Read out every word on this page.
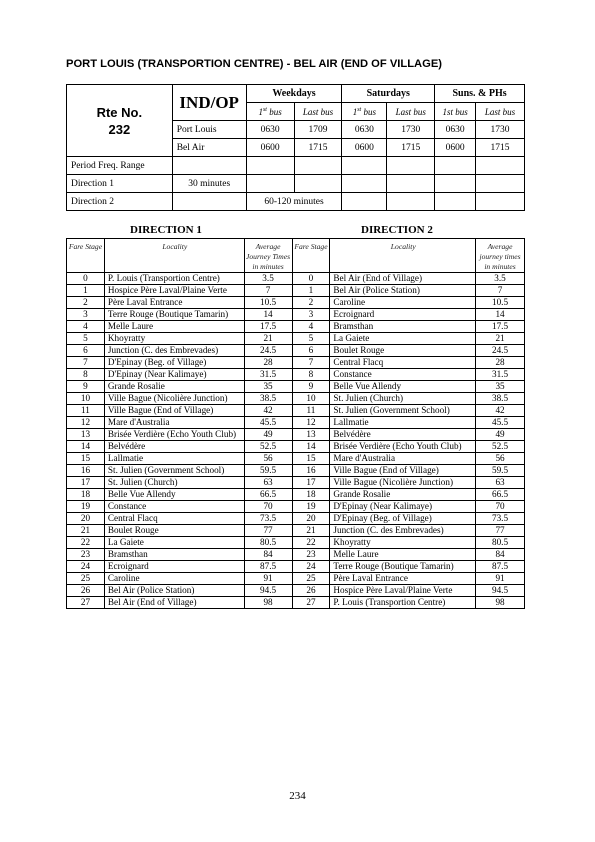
PORT LOUIS (TRANSPORTION CENTRE) - BEL AIR (END OF VILLAGE)
Rte No.
232	IND/OP	Weekdays		Saturdays		Suns. & PHs	
		1st bus	Last bus	1st bus	Last bus	1st bus	Last bus
	Port Louis	0630	1709	0630	1730	0630	1730
	Bel Air	0600	1715	0600	1715	0600	1715
Period Freq. Range							
Direction 1	30 minutes						
Direction 2		60-120 minutes					
DIRECTION 1	DIRECTION 2
Fare Stage	Locality	Average Journey Times in minutes	Fare Stage	Locality	Average journey times in minutes
0	P. Louis (Transportion Centre)	3.5	0	Bel Air (End of Village)	3.5
1	Hospice Père Laval/Plaine Verte	7	1	Bel Air (Police Station)	7
2	Père Laval Entrance	10.5	2	Caroline	10.5
3	Terre Rouge (Boutique Tamarin)	14	3	Ecroignard	14
4	Melle Laure	17.5	4	Bramsthan	17.5
5	Khoyratty	21	5	La Gaiete	21
6	Junction (C. des Embrevades)	24.5	6	Boulet Rouge	24.5
7	D'Epinay (Beg. of Village)	28	7	Central Flacq	28
8	D'Epinay (Near Kalimaye)	31.5	8	Constance	31.5
9	Grande Rosalie	35	9	Belle Vue Allendy	35
10	Ville Bague (Nicolière Junction)	38.5	10	St. Julien (Church)	38.5
11	Ville Bague (End of Village)	42	11	St. Julien (Government School)	42
12	Mare d'Australia	45.5	12	Lallmatie	45.5
13	Brisée Verdière (Echo Youth Club)	49	13	Belvédère	49
14	Belvédère	52.5	14	Brisée Verdière (Echo Youth Club)	52.5
15	Lallmatie	56	15	Mare d'Australia	56
16	St. Julien (Government School)	59.5	16	Ville Bague (End of Village)	59.5
17	St. Julien (Church)	63	17	Ville Bague (Nicolière Junction)	63
18	Belle Vue Allendy	66.5	18	Grande Rosalie	66.5
19	Constance	70	19	D'Epinay (Near Kalimaye)	70
20	Central Flacq	73.5	20	D'Epinay (Beg. of Village)	73.5
21	Boulet Rouge	77	21	Junction (C. des Embrevades)	77
22	La Gaiete	80.5	22	Khoyratty	80.5
23	Bramsthan	84	23	Melle Laure	84
24	Ecroignard	87.5	24	Terre Rouge (Boutique Tamarin)	87.5
25	Caroline	91	25	Père Laval Entrance	91
26	Bel Air (Police Station)	94.5	26	Hospice Père Laval/Plaine Verte	94.5
27	Bel Air (End of Village)	98	27	P. Louis (Transportion Centre)	98
234
